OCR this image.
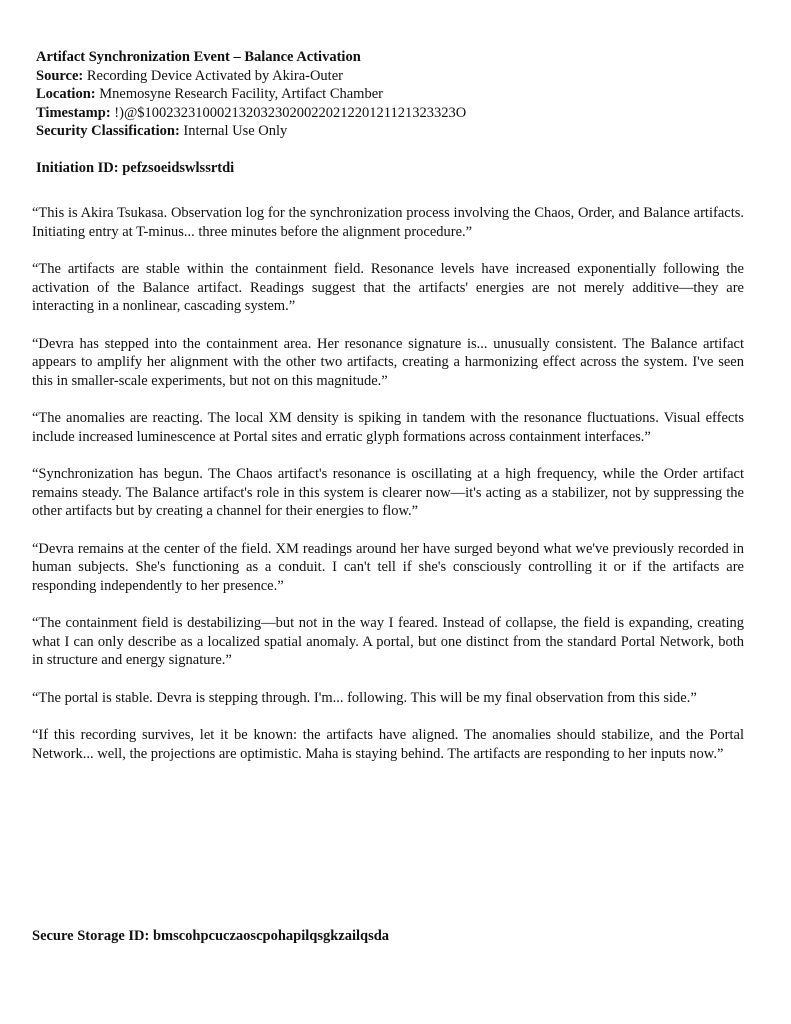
Artifact Synchronization Event – Balance Activation
Source: Recording Device Activated by Akira-Outer
Location: Mnemosyne Research Facility, Artifact Chamber
Timestamp: !)@$1002323100021320323020022021220121121323323O
Security Classification: Internal Use Only
Initiation ID: pefzsoeidswlssrtdi

“This is Akira Tsukasa. Observation log for the synchronization process involving the Chaos, Order, and Balance artifacts. Initiating entry at T-minus... three minutes before the alignment procedure.”

“The artifacts are stable within the containment field. Resonance levels have increased exponentially following the activation of the Balance artifact. Readings suggest that the artifacts' energies are not merely additive—they are interacting in a nonlinear, cascading system.”

“Devra has stepped into the containment area. Her resonance signature is... unusually consistent. The Balance artifact appears to amplify her alignment with the other two artifacts, creating a harmonizing effect across the system. I've seen this in smaller-scale experiments, but not on this magnitude.”

“The anomalies are reacting. The local XM density is spiking in tandem with the resonance fluctuations. Visual effects include increased luminescence at Portal sites and erratic glyph formations across containment interfaces.”

“Synchronization has begun. The Chaos artifact's resonance is oscillating at a high frequency, while the Order artifact remains steady. The Balance artifact's role in this system is clearer now—it's acting as a stabilizer, not by suppressing the other artifacts but by creating a channel for their energies to flow.”

“Devra remains at the center of the field. XM readings around her have surged beyond what we've previously recorded in human subjects. She's functioning as a conduit. I can't tell if she's consciously controlling it or if the artifacts are responding independently to her presence.”

“The containment field is destabilizing—but not in the way I feared. Instead of collapse, the field is expanding, creating what I can only describe as a localized spatial anomaly. A portal, but one distinct from the standard Portal Network, both in structure and energy signature.”

“The portal is stable. Devra is stepping through. I'm... following. This will be my final observation from this side.”

“If this recording survives, let it be known: the artifacts have aligned. The anomalies should stabilize, and the Portal Network... well, the projections are optimistic. Maha is staying behind. The artifacts are responding to her inputs now.”

Secure Storage ID: bmscohpcuczaoscpohapilqsgkzailqsda
